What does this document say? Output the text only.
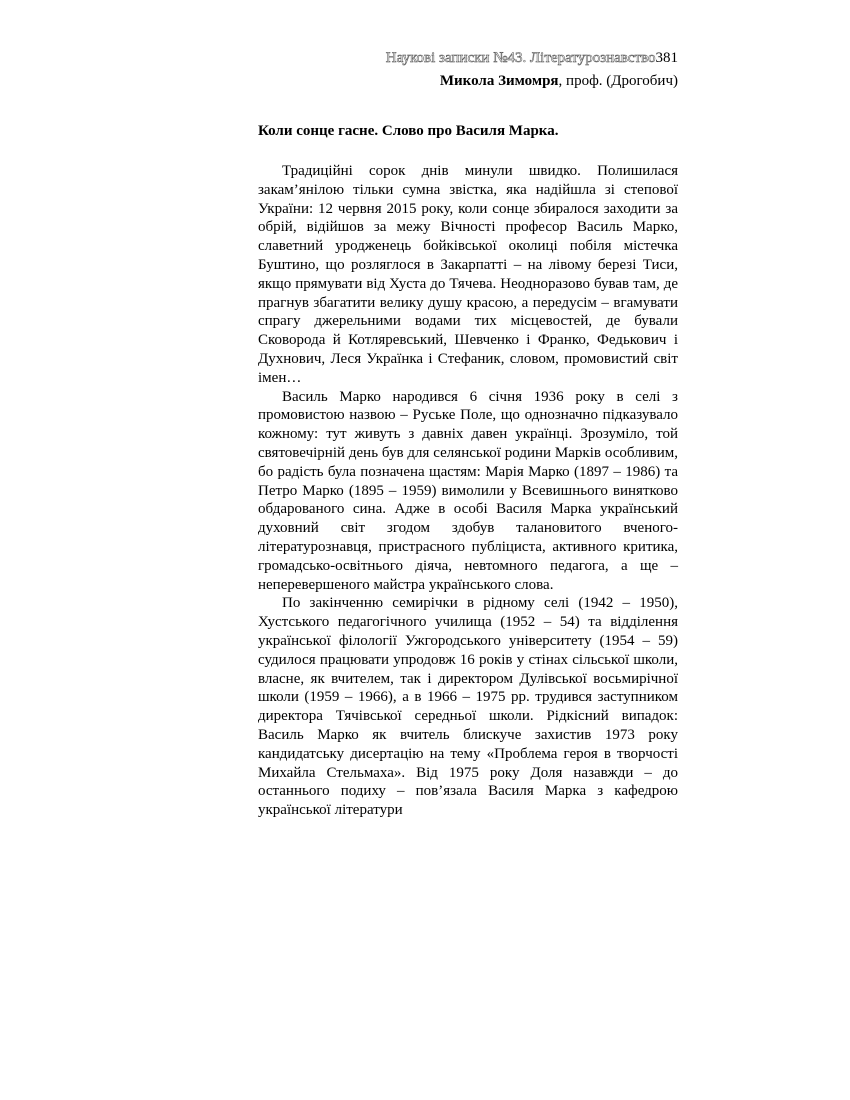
Наукові записки №43. Літературознавство381
Микола Зимомря, проф. (Дрогобич)
Коли сонце гасне. Слово про Василя Марка.

Традиційні сорок днів минули швидко. Полишилася закам’янілою тільки сумна звістка, яка надійшла зі степової України: 12 червня 2015 року, коли сонце збиралося заходити за обрій, відійшов за межу Вічності професор Василь Марко, славетний уродженець бойківської околиці побіля містечка Буштино, що розляглося в Закарпатті – на лівому березі Тиси, якщо прямувати від Хуста до Тячева. Неодноразово бував там, де прагнув збагатити велику душу красою, а передусім – вгамувати спрагу джерельними водами тих місцевостей, де бували Сковорода й Котляревський, Шевченко і Франко, Федькович і Духнович, Леся Українка і Стефаник, словом, промовистий світ імен…

Василь Марко народився 6 січня 1936 року в селі з промовистою назвою – Руське Поле, що однозначно підказувало кожному: тут живуть з давніх давен українці. Зрозуміло, той святовечірній день був для селянської родини Марків особливим, бо радість була позначена щастям: Марія Марко (1897 – 1986) та Петро Марко (1895 – 1959) вимолили у Всевишнього винятково обдарованого сина. Адже в особі Василя Марка український духовний світ згодом здобув талановитого вченого-літературознавця, пристрасного публіциста, активного критика, громадсько-освітнього діяча, невтомного педагога, а ще – неперевершеного майстра українського слова.

По закінченню семирічки в рідному селі (1942 – 1950), Хустського педагогічного училища (1952 – 54) та відділення української філології Ужгородського університету (1954 – 59) судилося працювати упродовж 16 років у стінах сільської школи, власне, як вчителем, так і директором Дулівської восьмирічної школи (1959 – 1966), а в 1966 – 1975 рр. трудився заступником директора Тячівської середньої школи. Рідкісний випадок: Василь Марко як вчитель блискуче захистив 1973 року кандидатську дисертацію на тему «Проблема героя в творчості Михайла Стельмаха». Від 1975 року Доля назавжди – до останнього подиху – пов’язала Василя Марка з кафедрою української літератури
